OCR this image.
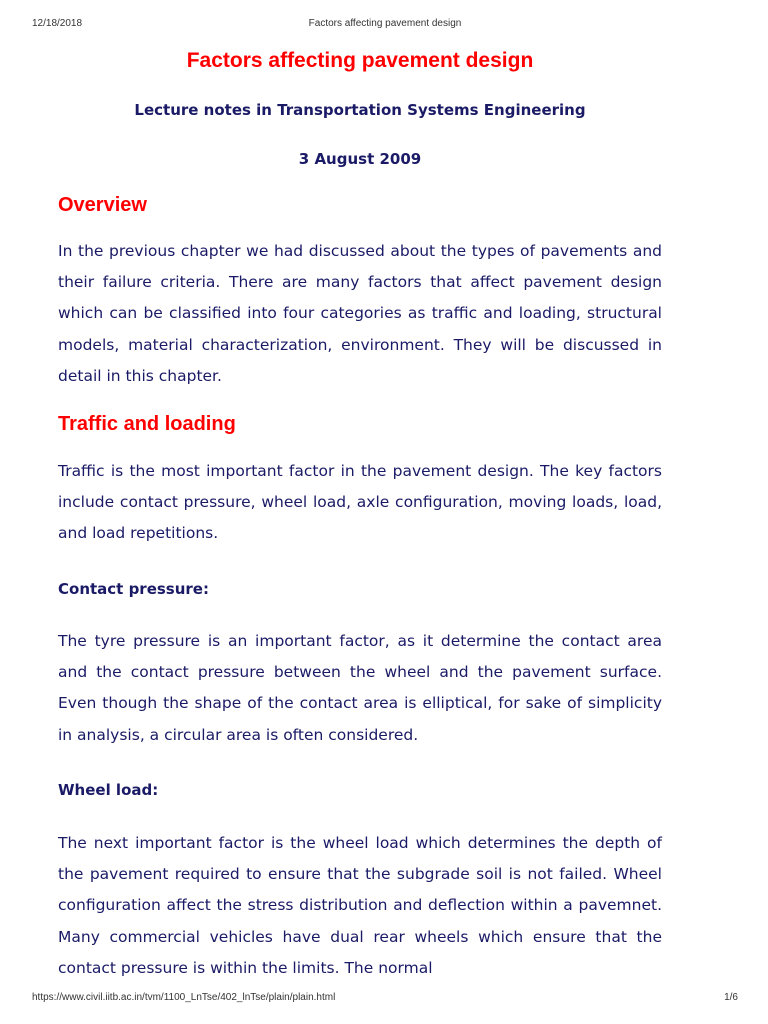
12/18/2018	Factors affecting pavement design
Factors affecting pavement design

Lecture notes in Transportation Systems Engineering

3 August 2009

Overview

In the previous chapter we had discussed about the types of pavements and their failure criteria. There are many factors that affect pavement design which can be classified into four categories as traffic and loading, structural models, material characterization, environment. They will be discussed in detail in this chapter.

Traffic and loading

Traffic is the most important factor in the pavement design. The key factors include contact pressure, wheel load, axle configuration, moving loads, load, and load repetitions.

Contact pressure:

The tyre pressure is an important factor, as it determine the contact area and the contact pressure between the wheel and the pavement surface. Even though the shape of the contact area is elliptical, for sake of simplicity in analysis, a circular area is often considered.

Wheel load:

The next important factor is the wheel load which determines the depth of the pavement required to ensure that the subgrade soil is not failed. Wheel configuration affect the stress distribution and deflection within a pavemnet. Many commercial vehicles have dual rear wheels which ensure that the contact pressure is within the limits. The normal

https://www.civil.iitb.ac.in/tvm/1100_LnTse/402_lnTse/plain/plain.html	1/6
